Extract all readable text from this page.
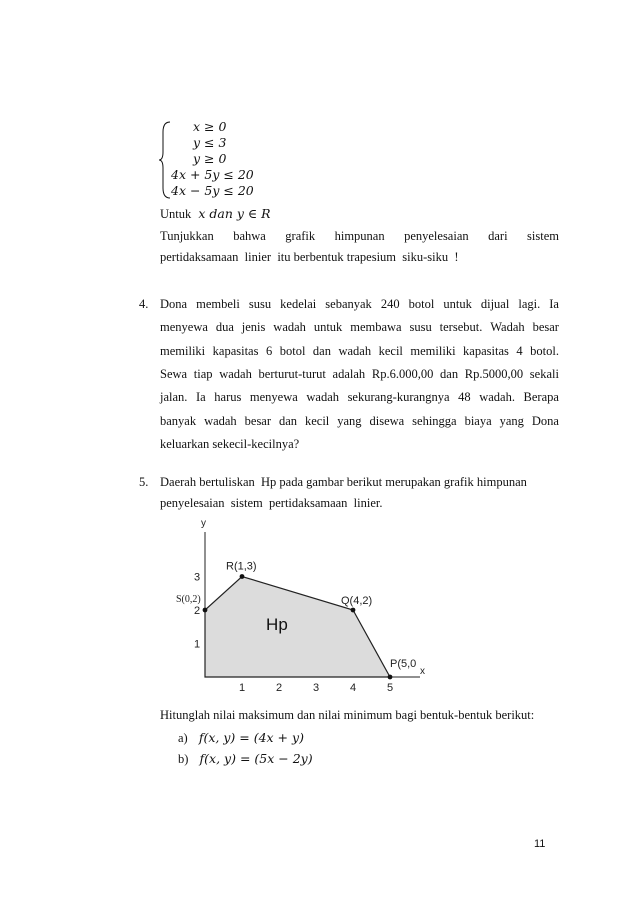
x ≥ 0
y ≤ 3
y ≥ 0
4x + 5y ≤ 20
4x − 5y ≤ 20
Untuk x dan y ∈ R
Tunjukkan bahwa grafik himpunan penyelesaian dari sistem
pertidaksamaan  linier  itu berbentuk trapesium  siku-siku  !
4. Dona membeli susu kedelai sebanyak 240 botol untuk dijual lagi. Ia
menyewa dua jenis wadah untuk membawa susu tersebut. Wadah besar
memiliki kapasitas 6 botol dan wadah kecil memiliki kapasitas 4 botol.
Sewa tiap wadah berturut-turut adalah Rp.6.000,00 dan Rp.5000,00 sekali
jalan. Ia harus menyewa wadah sekurang-kurangnya 48 wadah. Berapa
banyak wadah besar dan kecil yang disewa sehingga biaya yang Dona
keluarkan sekecil-kecilnya?
5. Daerah bertuliskan  Hp pada gambar berikut merupakan grafik himpunan
penyelesaian  sistem  pertidaksamaan  linier.
x
y
1	2	3	4	5
1
2
3
R(1,3)
Q(4,2)
P(5,0
S(0,2)
Hp
Hitunglah nilai maksimum dan nilai minimum bagi bentuk-bentuk berikut:
a) f(x, y) = (4x + y)
b) f(x, y) = (5x − 2y)
11
